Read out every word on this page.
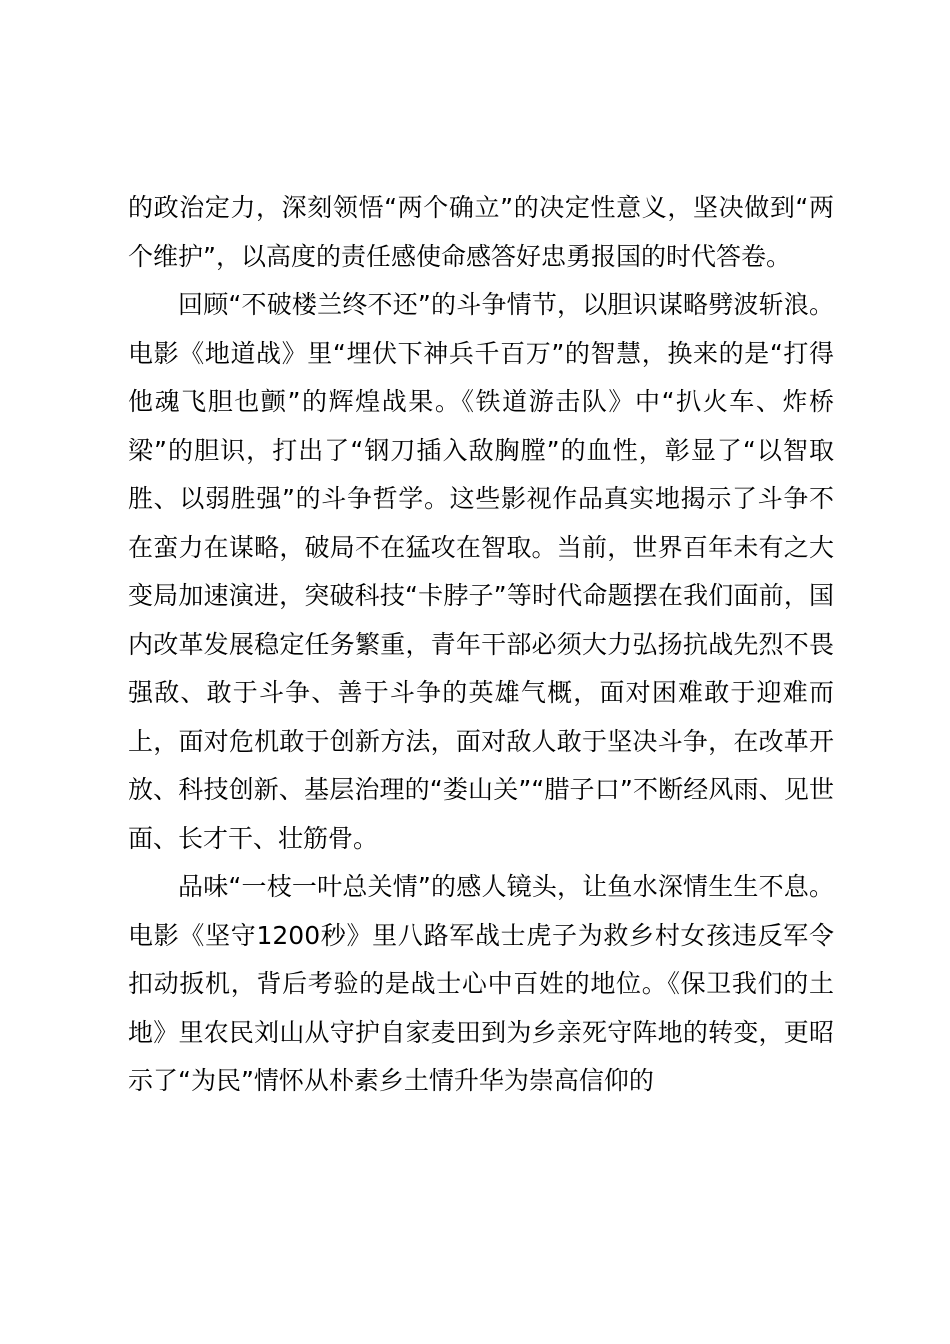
的政治定力，深刻领悟“两个确立”的决定性意义，坚决做到“两个维护”，以高度的责任感使命感答好忠勇报国的时代答卷。

回顾“不破楼兰终不还”的斗争情节，以胆识谋略劈波斩浪。电影《地道战》里“埋伏下神兵千百万”的智慧，换来的是“打得他魂飞胆也颤”的辉煌战果。《铁道游击队》中“扒火车、炸桥梁”的胆识，打出了“钢刀插入敌胸膛”的血性，彰显了“以智取胜、以弱胜强”的斗争哲学。这些影视作品真实地揭示了斗争不在蛮力在谋略，破局不在猛攻在智取。当前，世界百年未有之大变局加速演进，突破科技“卡脖子”等时代命题摆在我们面前，国内改革发展稳定任务繁重，青年干部必须大力弘扬抗战先烈不畏强敌、敢于斗争、善于斗争的英雄气概，面对困难敢于迎难而上，面对危机敢于创新方法，面对敌人敢于坚决斗争，在改革开放、科技创新、基层治理的“娄山关”“腊子口”不断经风雨、见世面、长才干、壮筋骨。

品味“一枝一叶总关情”的感人镜头，让鱼水深情生生不息。电影《坚守1200秒》里八路军战士虎子为救乡村女孩违反军令扣动扳机，背后考验的是战士心中百姓的地位。《保卫我们的土地》里农民刘山从守护自家麦田到为乡亲死守阵地的转变，更昭示了“为民”情怀从朴素乡土情升华为崇高信仰的
